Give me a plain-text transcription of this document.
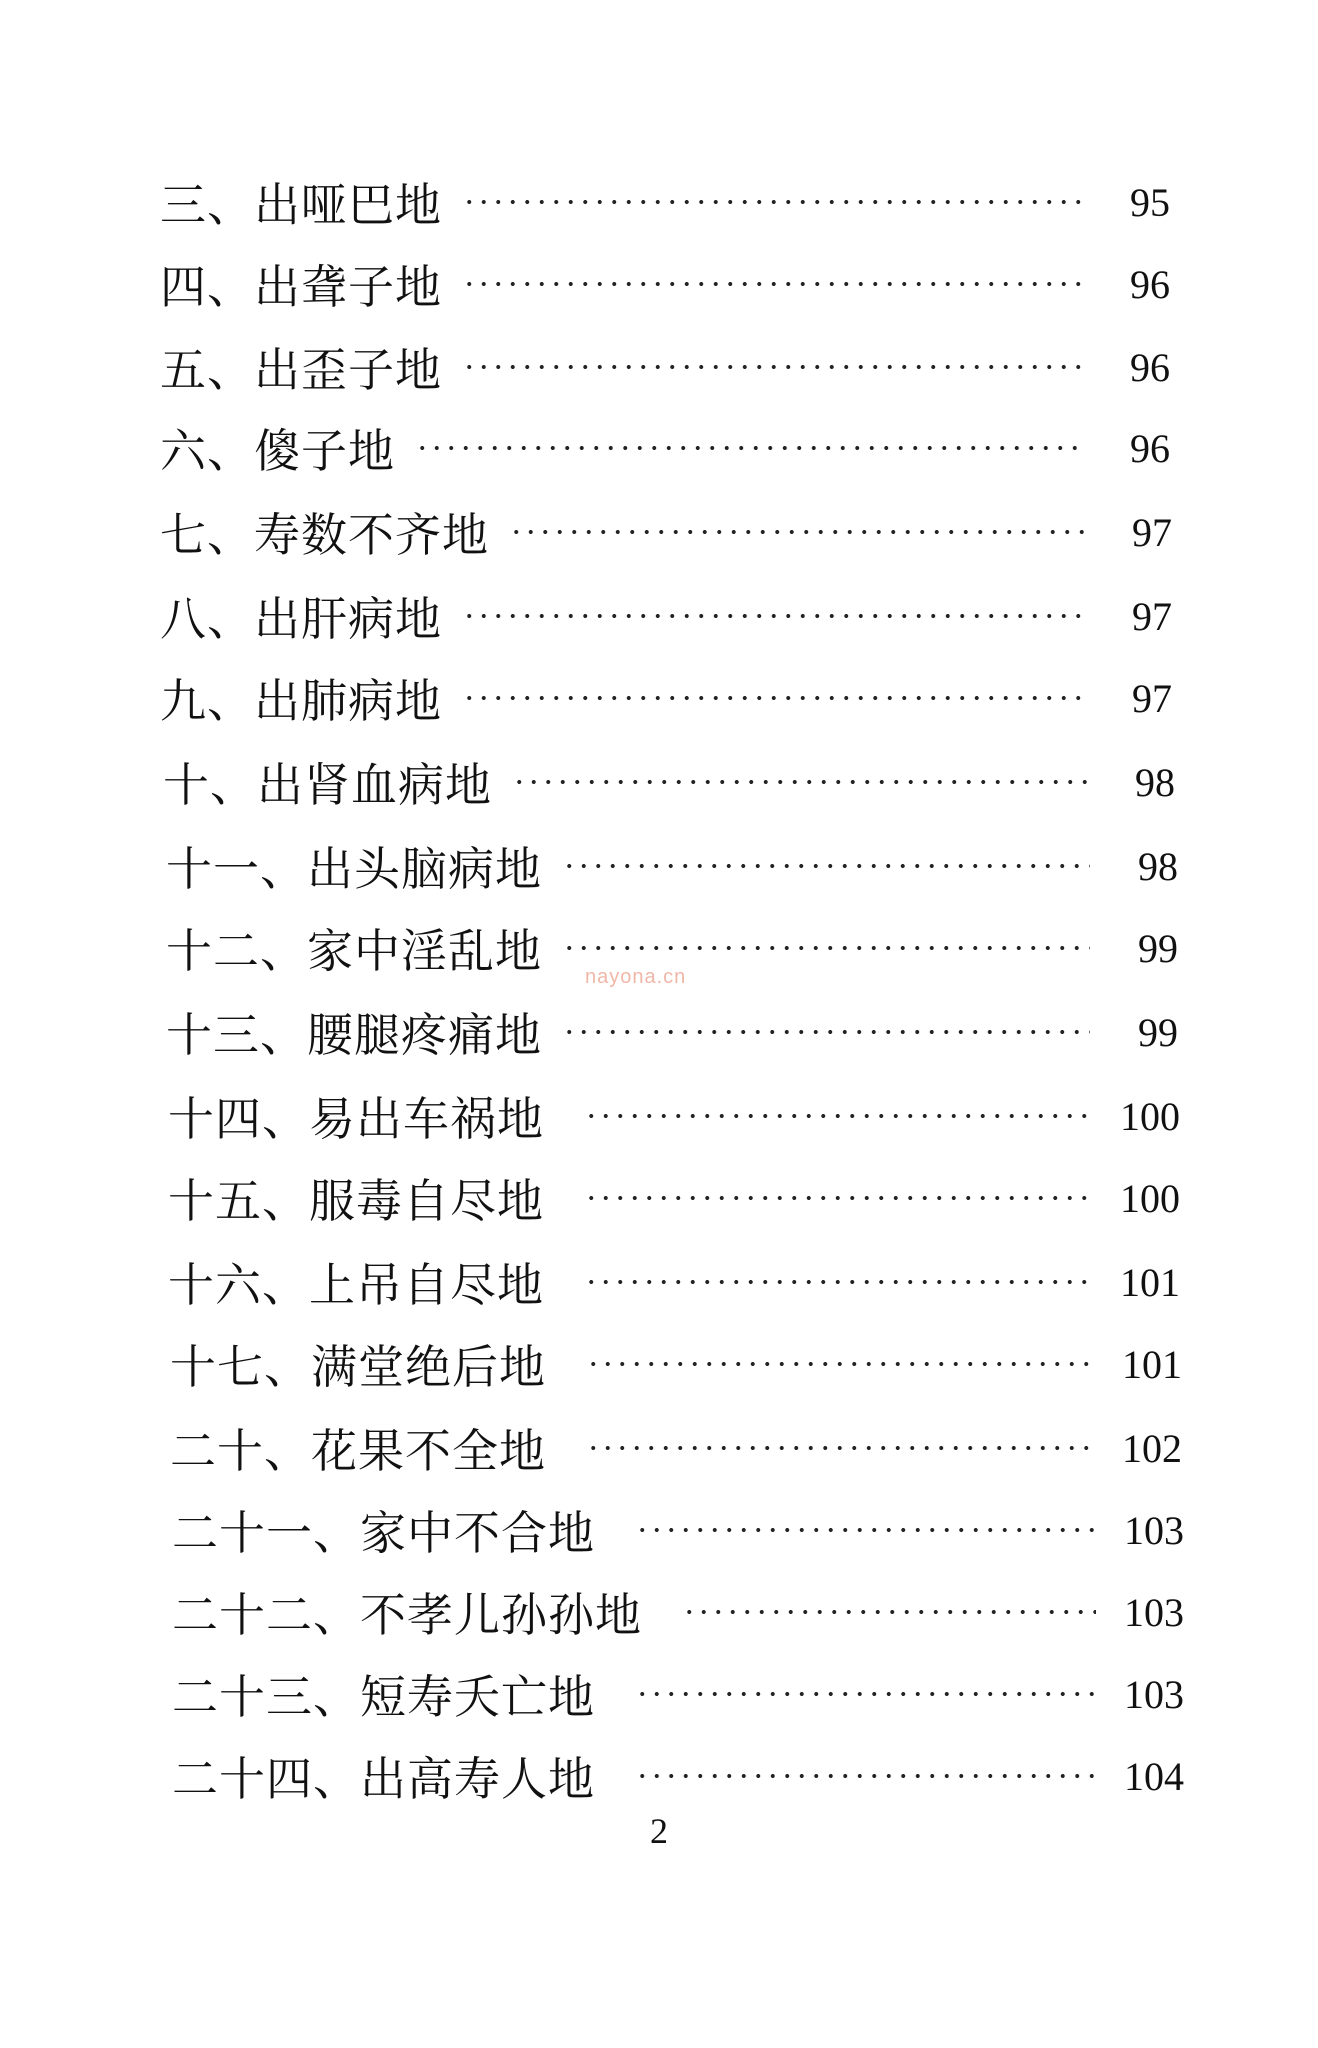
三、出哑巴地	95
四、出聋子地	96
五、出歪子地	96
六、傻子地	96
七、寿数不齐地	97
八、出肝病地	97
九、出肺病地	97
十、出肾血病地	98
十一、出头脑病地	98
十二、家中淫乱地	99
十三、腰腿疼痛地	99
十四、易出车祸地	100
十五、服毒自尽地	100
十六、上吊自尽地	101
十七、满堂绝后地	101
二十、花果不全地	102
二十一、家中不合地	103
二十二、不孝儿孙孙地	103
二十三、短寿夭亡地	103
二十四、出高寿人地	104
nayona.cn
2
